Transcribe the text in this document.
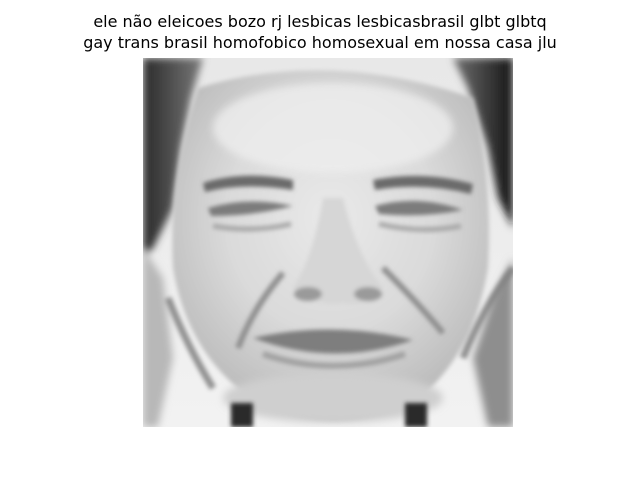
ele não eleicoes bozo rj lesbicas lesbicasbrasil glbt glbtq
gay trans brasil homofobico homosexual em nossa casa jlu
